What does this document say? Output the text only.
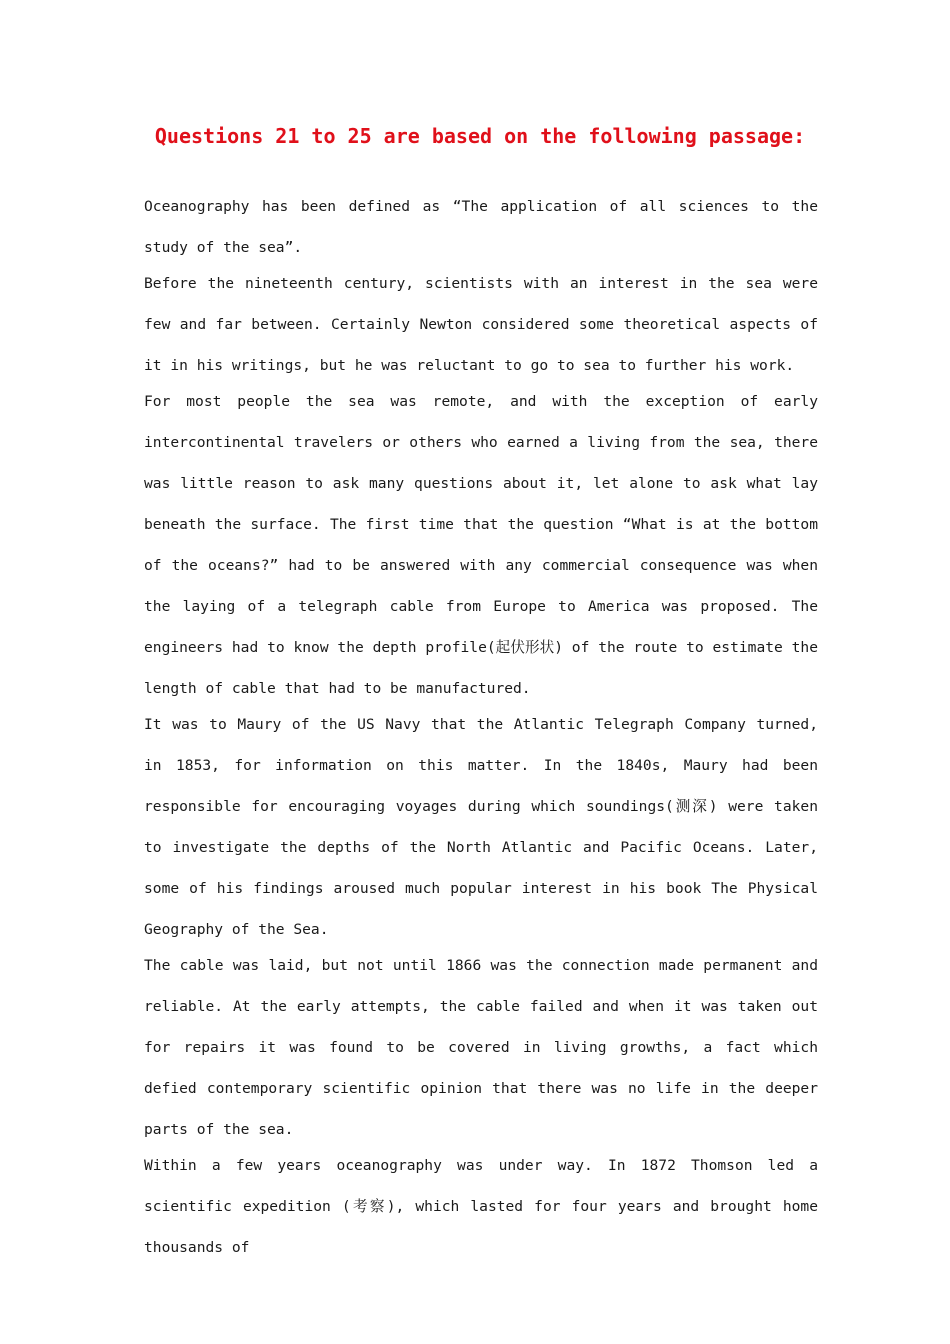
Questions 21 to 25 are based on the following passage:

Oceanography has been defined as “The application of all sciences to the study of the sea”.

Before the nineteenth century, scientists with an interest in the sea were few and far between. Certainly Newton considered some theoretical aspects of it in his writings, but he was reluctant to go to sea to further his work.

For most people the sea was remote, and with the exception of early intercontinental travelers or others who earned a living from the sea, there was little reason to ask many questions about it, let alone to ask what lay beneath the surface. The first time that the question “What is at the bottom of the oceans?” had to be answered with any commercial consequence was when the laying of a telegraph cable from Europe to America was proposed. The engineers had to know the depth profile(起伏形状) of the route to estimate the length of cable that had to be manufactured.

It was to Maury of the US Navy that the Atlantic Telegraph Company turned, in 1853, for information on this matter. In the 1840s, Maury had been responsible for encouraging voyages during which soundings(测深) were taken to investigate the depths of the North Atlantic and Pacific Oceans. Later, some of his findings aroused much popular interest in his book The Physical Geography of the Sea.

The cable was laid, but not until 1866 was the connection made permanent and reliable. At the early attempts, the cable failed and when it was taken out for repairs it was found to be covered in living growths, a fact which defied contemporary scientific opinion that there was no life in the deeper parts of the sea.

Within a few years oceanography was under way. In 1872 Thomson led a scientific expedition (考察), which lasted for four years and brought home thousands of
